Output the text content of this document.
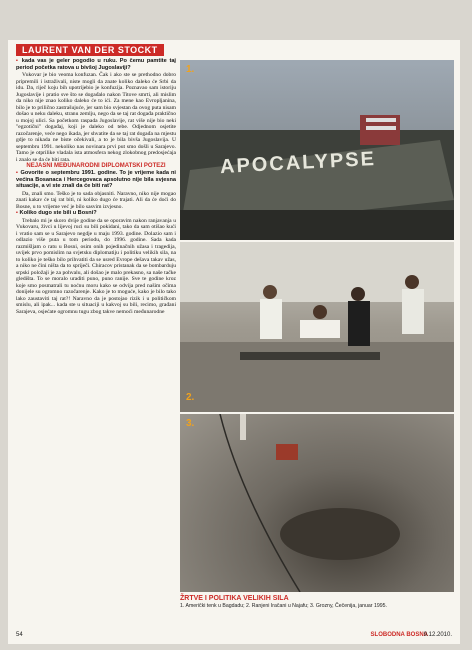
LAURENT VAN DER STOCKT

▪ kada vas je geler pogodio u ruku. Po čemu pamtite taj period početka ratova u bivšoj Jugoslaviji?

Vukovar je bio veoma konfuzan. Čak i ako ste se prethodno dobro pripremili i istraživali, niste mogli da znate koliko daleko će Srbi da idu. Da, riječ koju bih upotrijebio je konfuzija. Poznavao sam istoriju Jugoslavije i pratio sve što se događalo nakon Titove smrti, ali mislim da niko nije znao koliko daleko će to ići. Za mene kao Evropljanina, bilo je to prilično zastrašujuće, jer sam bio svjestan da ovog puta nisam došao u neku daleku, stranu zemlju, nego da se taj rat događa praktično u mojoj ulici. Sa početkom raspada Jugoslavije, rat više nije bio neki "egzotični" događaj, koji je daleko od tebe. Odjednom osjetite razočarenje, veće nego ikada, jer shvatite da se taj rat događa na mjestu gdje to nikada ne biste očekivali, a to je bila bivša Jugoslavija. U septembru 1991. nekoliko nas novinara prvi put smo došli u Sarajevo. Tamo je otprilike vladala ista atmosfera nekog zlokobnog predosjećaja i znalo se da će biti rata.

NEJASNI MEĐUNARODNI DIPLOMATSKI POTEZI

▪ Govorite o septembru 1991. godine. To je vrijeme kada ni većina Bosanaca i Hercegovaca apsolutno nije bila svjesna situacije, a vi ste znali da će biti rat?

Da, znali smo. Teško je to sada objasniti. Naravno, niko nije mogao znati kakav će taj rat biti, ni koliko dugo će trajati. Ali da će doći do Bosne, u to vrijeme već je bilo sasvim izvjesno.

▪ Koliko dugo ste bili u Bosni?

Trebalo mi je skoro dvije godine da se oporavim nakon ranjavanja u Vukovaru, živci u lijevoj ruci su bili pokidani, tako da sam otišao kući i vratio sam se u Sarajevo negdje u maju 1993. godine. Dolazio sam i odlazio više puta u tom periodu, do 1996. godine. Sada kada razmišljam o ratu u Bosni, osim onih pojedinačnih užasa i tragedija, uvijek prvo pomislim na svjetsku diplomatiju i politiku velikih sila, na to koliko je teško bilo prihvatiti da se usred Evrope dešava takav užas, a niko ne čini ništa da to spriječi. Chiracov pristanak da se bombarduju srpski položaji je za pohvalu, ali došao je malo prekasno, sa naše tačke gledišta. To se moralo uraditi puno, puno ranije. Sve te godine kroz koje smo posmatrali tu noćnu moru kako se odvija pred našim očima donijele su ogromno razočarenje. Kako je to moguće, kako je bilo tako lako zaustaviti taj rat?! Naravno da je postojao rizik i u političkom smislu, ali ipak... kada ste u situaciji u kakvoj su bili, recimo, građani Sarajeva, osjećate ogromnu tugu zbog takve nemoći međunarodne

1.
APOCALYPSE
2.
3.
ŽRTVE I POLITIKA VELIKIH SILA
1. Američki tenk u Bagdadu; 2. Ranjeni Iračani u Najafu; 3. Grozny, Čečenija, januar 1995.
54	SLOBODNA BOSNA
9.12.2010.
